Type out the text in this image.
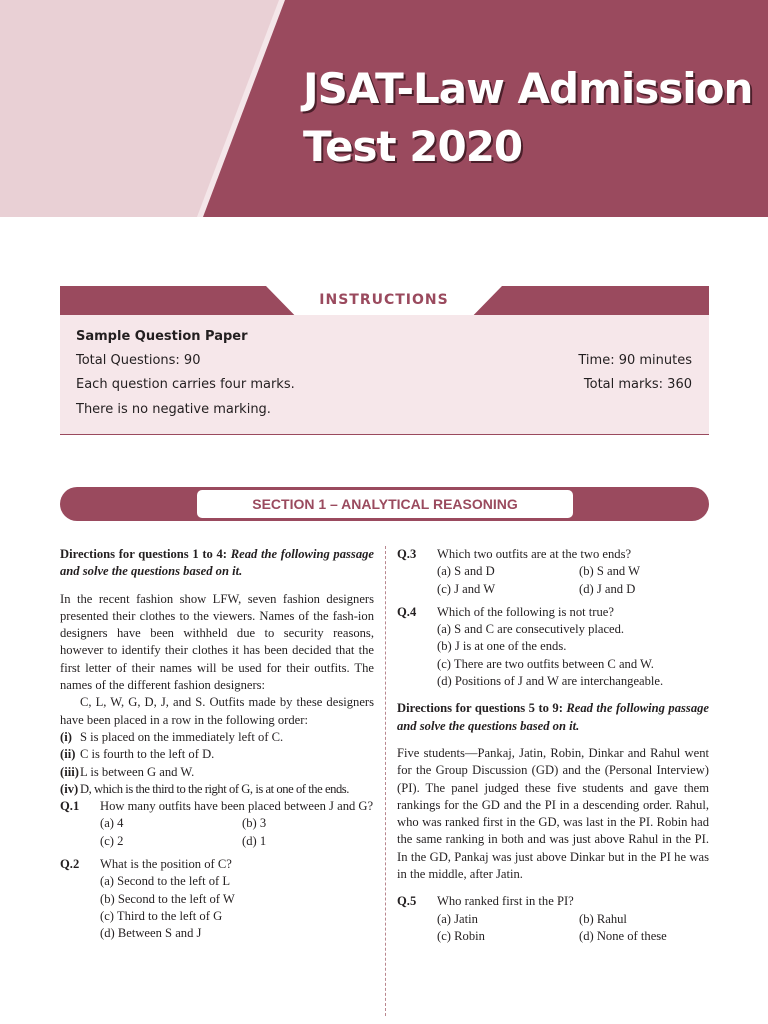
JSAT-Law Admission
Test 2020
INSTRUCTIONS
Sample Question Paper
Total Questions: 90	Time: 90 minutes
Each question carries four marks.	Total marks: 360
There is no negative marking.
SECTION 1 – ANALYTICAL REASONING

Directions for questions 1 to 4: Read the following passage and solve the questions based on it.

In the recent fashion show LFW, seven fashion designers presented their clothes to the viewers. Names of the fash-ion designers have been withheld due to security reasons, however to identify their clothes it has been decided that the first letter of their names will be used for their outfits. The names of the different fashion designers:

C, L, W, G, D, J, and S. Outfits made by these designers have been placed in a row in the following order:

(i) S is placed on the immediately left of C.
(ii) C is fourth to the left of D.
(iii) L is between G and W.
(iv) D, which is the third to the right of G, is at one of the ends.
Q.1	How many outfits have been placed between J and G?
(a) 4	(b) 3
(c) 2	(d) 1
Q.2	What is the position of C?
(a) Second to the left of L
(b) Second to the left of W
(c) Third to the left of G
(d) Between S and J
Q.3	Which two outfits are at the two ends?
(a) S and D	(b) S and W
(c) J and W	(d) J and D
Q.4	Which of the following is not true?
(a) S and C are consecutively placed.
(b) J is at one of the ends.
(c) There are two outfits between C and W.
(d) Positions of J and W are interchangeable.

Directions for questions 5 to 9: Read the following passage and solve the questions based on it.

Five students—Pankaj, Jatin, Robin, Dinkar and Rahul went for the Group Discussion (GD) and the (Personal Interview) (PI). The panel judged these five students and gave them rankings for the GD and the PI in a descending order. Rahul, who was ranked first in the GD, was last in the PI. Robin had the same ranking in both and was just above Rahul in the PI. In the GD, Pankaj was just above Dinkar but in the PI he was in the middle, after Jatin.

Q.5	Who ranked first in the PI?
(a) Jatin	(b) Rahul
(c) Robin	(d) None of these
